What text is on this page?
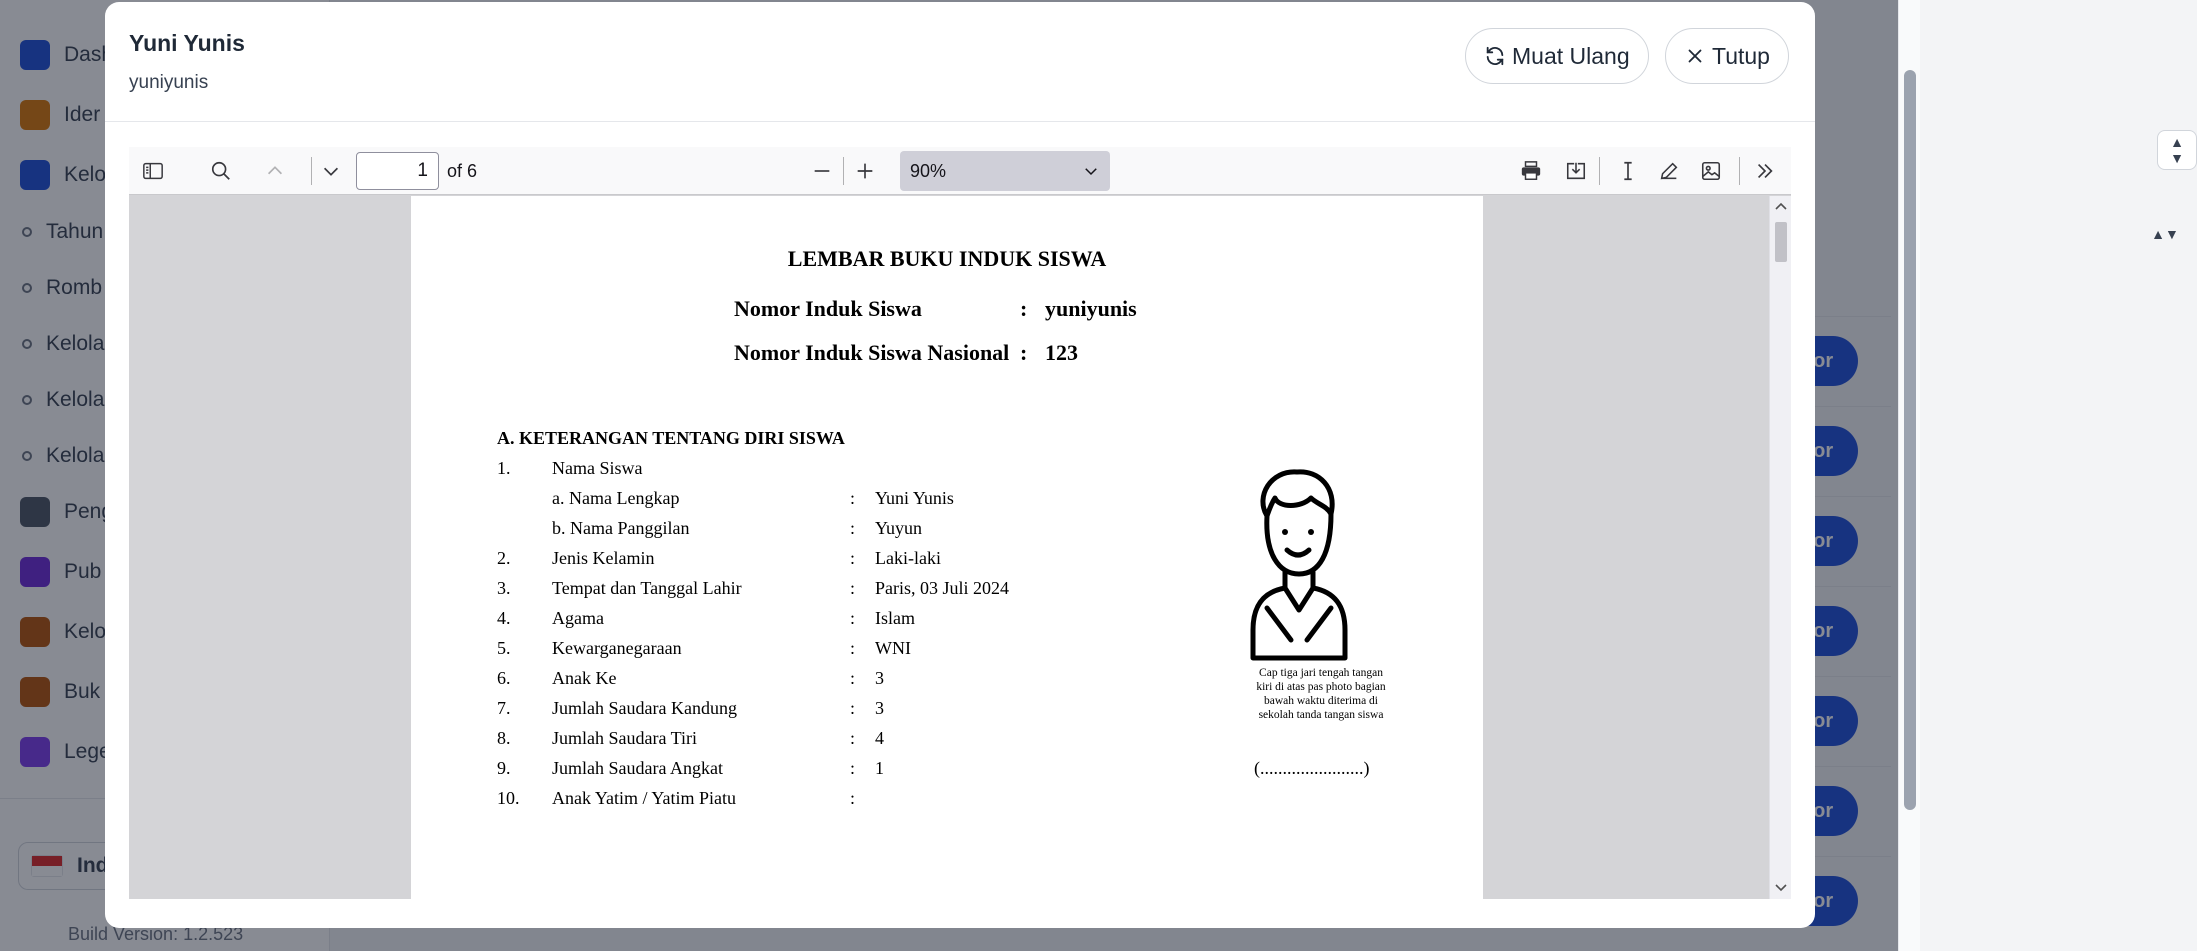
▲
▼
▲▼
Yuni Yunis
yuniyunis
Muat Ulang	Tutup
1
of 6	90%
LEMBAR BUKU INDUK SISWA
Nomor Induk Siswa	: yuniyunis
Nomor Induk Siswa Nasional : 123
A. KETERANGAN TENTANG DIRI SISWA
1. Nama Siswa
a. Nama Lengkap	: Yuni Yunis
b. Nama Panggilan	: Yuyun
2. Jenis Kelamin	: Laki-laki
3. Tempat dan Tanggal Lahir	: Paris, 03 Juli 2024
4. Agama	: Islam
5. Kewarganegaraan	: WNI
6. Anak Ke	: 3
7. Jumlah Saudara Kandung	: 3
8. Jumlah Saudara Tiri	: 4
9. Jumlah Saudara Angkat	: 1
10. Anak Yatim / Yatim Piatu	:
Cap tiga jari tengah tangan kiri di atas pas photo bagian bawah waktu diterima di sekolah tanda tangan siswa
(.......................)
